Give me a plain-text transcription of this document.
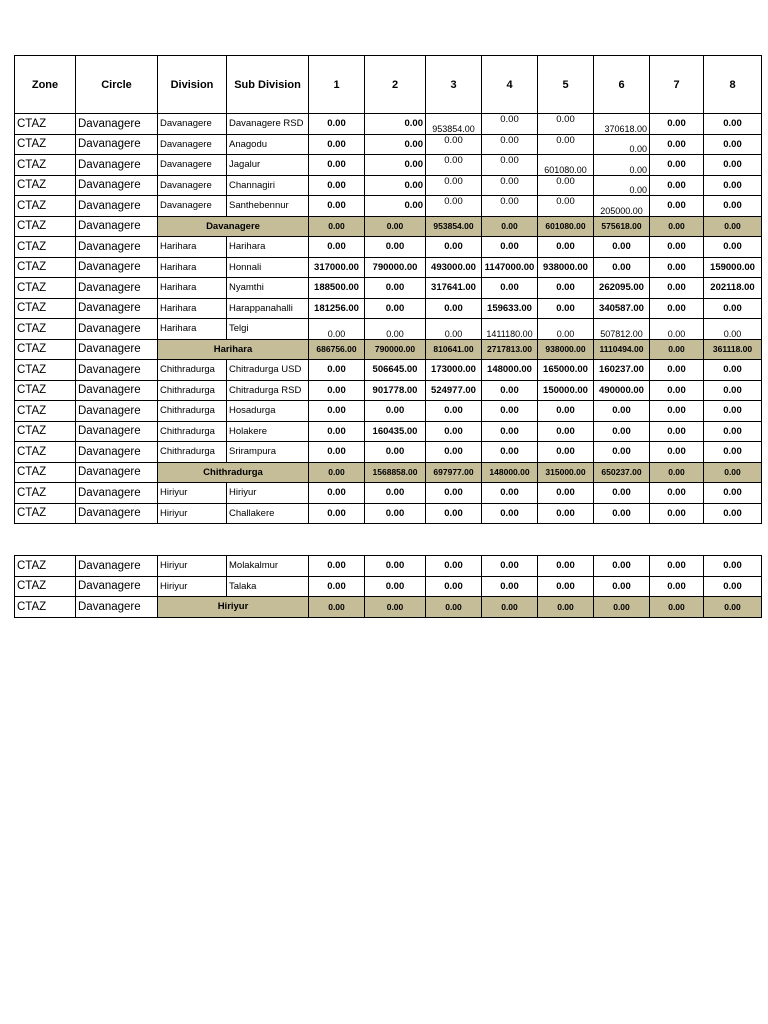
Zone	Circle	Division	Sub Division	1	2	3	4	5	6	7	8
CTAZ	Davanagere	Davanagere	Davanagere RSD	0.00	0.00	953854.00	0.00	0.00	370618.00	0.00	0.00
CTAZ	Davanagere	Davanagere	Anagodu	0.00	0.00	0.00	0.00	0.00	0.00	0.00	0.00
CTAZ	Davanagere	Davanagere	Jagalur	0.00	0.00	0.00	0.00	601080.00	0.00	0.00	0.00
CTAZ	Davanagere	Davanagere	Channagiri	0.00	0.00	0.00	0.00	0.00	0.00	0.00	0.00
CTAZ	Davanagere	Davanagere	Santhebennur	0.00	0.00	0.00	0.00	0.00	205000.00	0.00	0.00
CTAZ	Davanagere	Davanagere		0.00	0.00	953854.00	0.00	601080.00	575618.00	0.00	0.00
CTAZ	Davanagere	Harihara	Harihara	0.00	0.00	0.00	0.00	0.00	0.00	0.00	0.00
CTAZ	Davanagere	Harihara	Honnali	317000.00	790000.00	493000.00	1147000.00	938000.00	0.00	0.00	159000.00
CTAZ	Davanagere	Harihara	Nyamthi	188500.00	0.00	317641.00	0.00	0.00	262095.00	0.00	202118.00
CTAZ	Davanagere	Harihara	Harappanahalli	181256.00	0.00	0.00	159633.00	0.00	340587.00	0.00	0.00
CTAZ	Davanagere	Harihara	Telgi	0.00	0.00	0.00	1411180.00	0.00	507812.00	0.00	0.00
CTAZ	Davanagere	Harihara		686756.00	790000.00	810641.00	2717813.00	938000.00	1110494.00	0.00	361118.00
CTAZ	Davanagere	Chithradurga	Chitradurga USD	0.00	506645.00	173000.00	148000.00	165000.00	160237.00	0.00	0.00
CTAZ	Davanagere	Chithradurga	Chitradurga RSD	0.00	901778.00	524977.00	0.00	150000.00	490000.00	0.00	0.00
CTAZ	Davanagere	Chithradurga	Hosadurga	0.00	0.00	0.00	0.00	0.00	0.00	0.00	0.00
CTAZ	Davanagere	Chithradurga	Holakere	0.00	160435.00	0.00	0.00	0.00	0.00	0.00	0.00
CTAZ	Davanagere	Chithradurga	Srirampura	0.00	0.00	0.00	0.00	0.00	0.00	0.00	0.00
CTAZ	Davanagere	Chithradurga		0.00	1568858.00	697977.00	148000.00	315000.00	650237.00	0.00	0.00
CTAZ	Davanagere	Hiriyur	Hiriyur	0.00	0.00	0.00	0.00	0.00	0.00	0.00	0.00
CTAZ	Davanagere	Hiriyur	Challakere	0.00	0.00	0.00	0.00	0.00	0.00	0.00	0.00
CTAZ	Davanagere	Hiriyur	Molakalmur	0.00	0.00	0.00	0.00	0.00	0.00	0.00	0.00
CTAZ	Davanagere	Hiriyur	Talaka	0.00	0.00	0.00	0.00	0.00	0.00	0.00	0.00
CTAZ	Davanagere	Hiriyur		0.00	0.00	0.00	0.00	0.00	0.00	0.00	0.00
